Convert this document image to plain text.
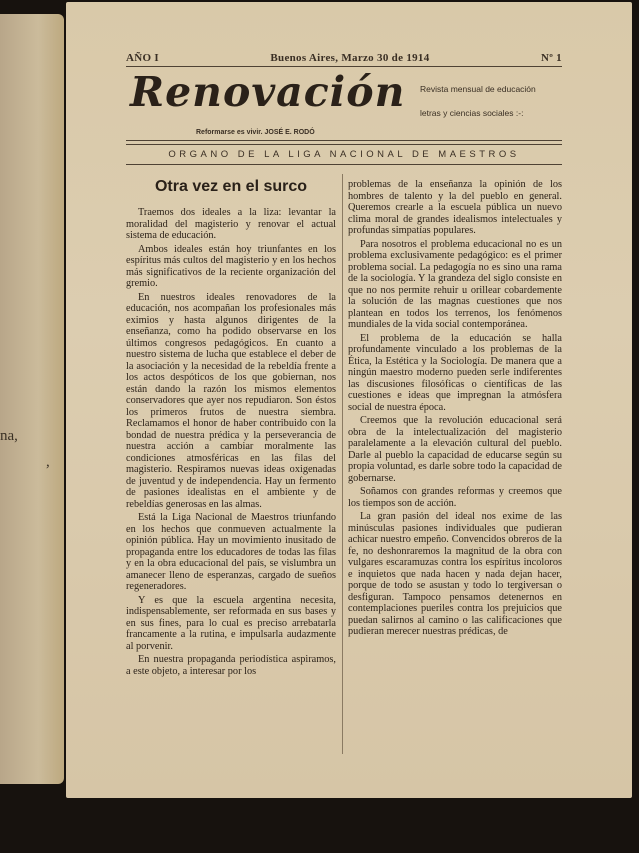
na,
,
AÑO I	Buenos Aires, Marzo 30 de 1914	Nº 1
Renovación Revista mensual de educación
letras y ciencias sociales :-:
Reformarse es vivir. JOSÉ E. RODÓ
ORGANO DE LA LIGA NACIONAL DE MAESTROS
Otra vez en el surco

Traemos dos ideales a la liza: levantar la moralidad del magisterio y renovar el actual sistema de educación.

Ambos ideales están hoy triunfantes en los espíritus más cultos del magisterio y en los hechos más significativos de la reciente organización del gremio.

En nuestros ideales renovadores de la educación, nos acompañan los profesionales más eximios y hasta algunos dirigentes de la enseñanza, como ha podido observarse en los últimos congresos pedagógicos. En cuanto a nuestro sistema de lucha que establece el deber de la asociación y la necesidad de la rebeldía frente a los actos despóticos de los que gobiernan, nos están dando la razón los mismos elementos conservadores que ayer nos repudiaron. Son éstos los primeros frutos de nuestra siembra. Reclamamos el honor de haber contribuido con la bondad de nuestra prédica y la perseverancia de nuestra acción a cambiar moralmente las condiciones atmosféricas en las filas del magisterio. Respiramos nuevas ideas oxigenadas de juventud y de independencia. Hay un fermento de pasiones idealistas en el ambiente y de rebeldías generosas en las almas.

Está la Liga Nacional de Maestros triunfando en los hechos que conmueven actualmente la opinión pública. Hay un movimiento inusitado de propaganda entre los educadores de todas las filas y en la obra educacional del país, se vislumbra un amanecer lleno de esperanzas, cargado de sueños regeneradores.

Y es que la escuela argentina necesita, indispensablemente, ser reformada en sus bases y en sus fines, para lo cual es preciso arrebatarla francamente a la rutina, e impulsarla audazmente al porvenir.

En nuestra propaganda periodística aspiramos, a este objeto, a interesar por los

problemas de la enseñanza la opinión de los hombres de talento y la del pueblo en general. Queremos crearle a la escuela pública un nuevo clima moral de grandes idealismos intelectuales y profundas simpatías populares.

Para nosotros el problema educacional no es un problema exclusivamente pedagógico: es el primer problema social. La pedagogía no es sino una rama de la sociología. Y la grandeza del siglo consiste en que no nos permite rehuir u orillear cobardemente la solución de las magnas cuestiones que nos plantean en todos los terrenos, los fenómenos mundiales de la vida social contemporánea.

El problema de la educación se halla profundamente vinculado a los problemas de la Ética, la Estética y la Sociología. De manera que a ningún maestro moderno pueden serle indiferentes las discusiones filosóficas o científicas de las cuestiones e ideas que impregnan la atmósfera social de nuestra época.

Creemos que la revolución educacional será obra de la intelectualización del magisterio paralelamente a la elevación cultural del pueblo. Darle al pueblo la capacidad de educarse según su propia voluntad, es darle sobre todo la capacidad de gobernarse.

Soñamos con grandes reformas y creemos que los tiempos son de acción.

La gran pasión del ideal nos exime de las minúsculas pasiones individuales que pudieran achicar nuestro empeño. Convencidos obreros de la fe, no deshonraremos la magnitud de la obra con vulgares escaramuzas contra los espíritus incoloros e inquietos que nada hacen y nada dejan hacer, porque de todo se asustan y todo lo tergiversan o desfiguran. Tampoco pensamos detenernos en contemplaciones pueriles contra los prejuicios que puedan salirnos al camino o las calificaciones que pudieran merecer nuestras prédicas, de
